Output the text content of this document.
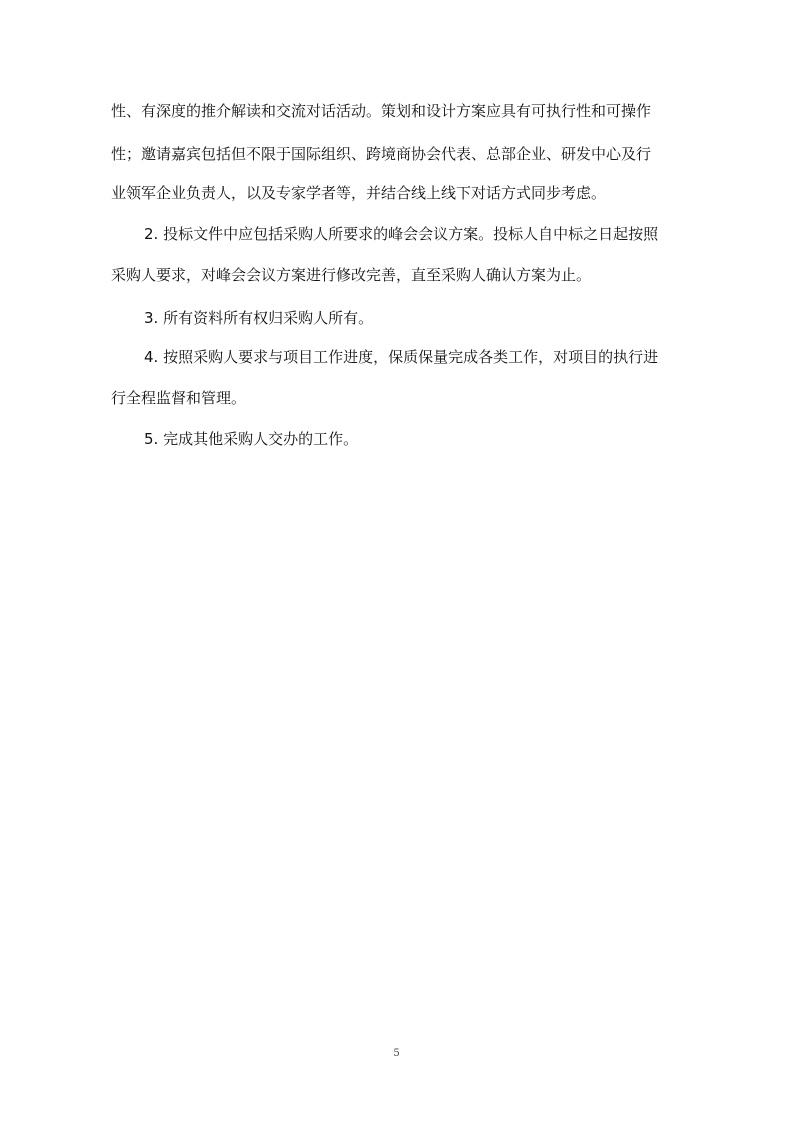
性、有深度的推介解读和交流对话活动。策划和设计方案应具有可执行性和可操作
性；邀请嘉宾包括但不限于国际组织、跨境商协会代表、总部企业、研发中心及行
业领军企业负责人，以及专家学者等，并结合线上线下对话方式同步考虑。
2. 投标文件中应包括采购人所要求的峰会会议方案。投标人自中标之日起按照
采购人要求，对峰会会议方案进行修改完善，直至采购人确认方案为止。
3. 所有资料所有权归采购人所有。
4. 按照采购人要求与项目工作进度，保质保量完成各类工作，对项目的执行进
行全程监督和管理。
5. 完成其他采购人交办的工作。
5
